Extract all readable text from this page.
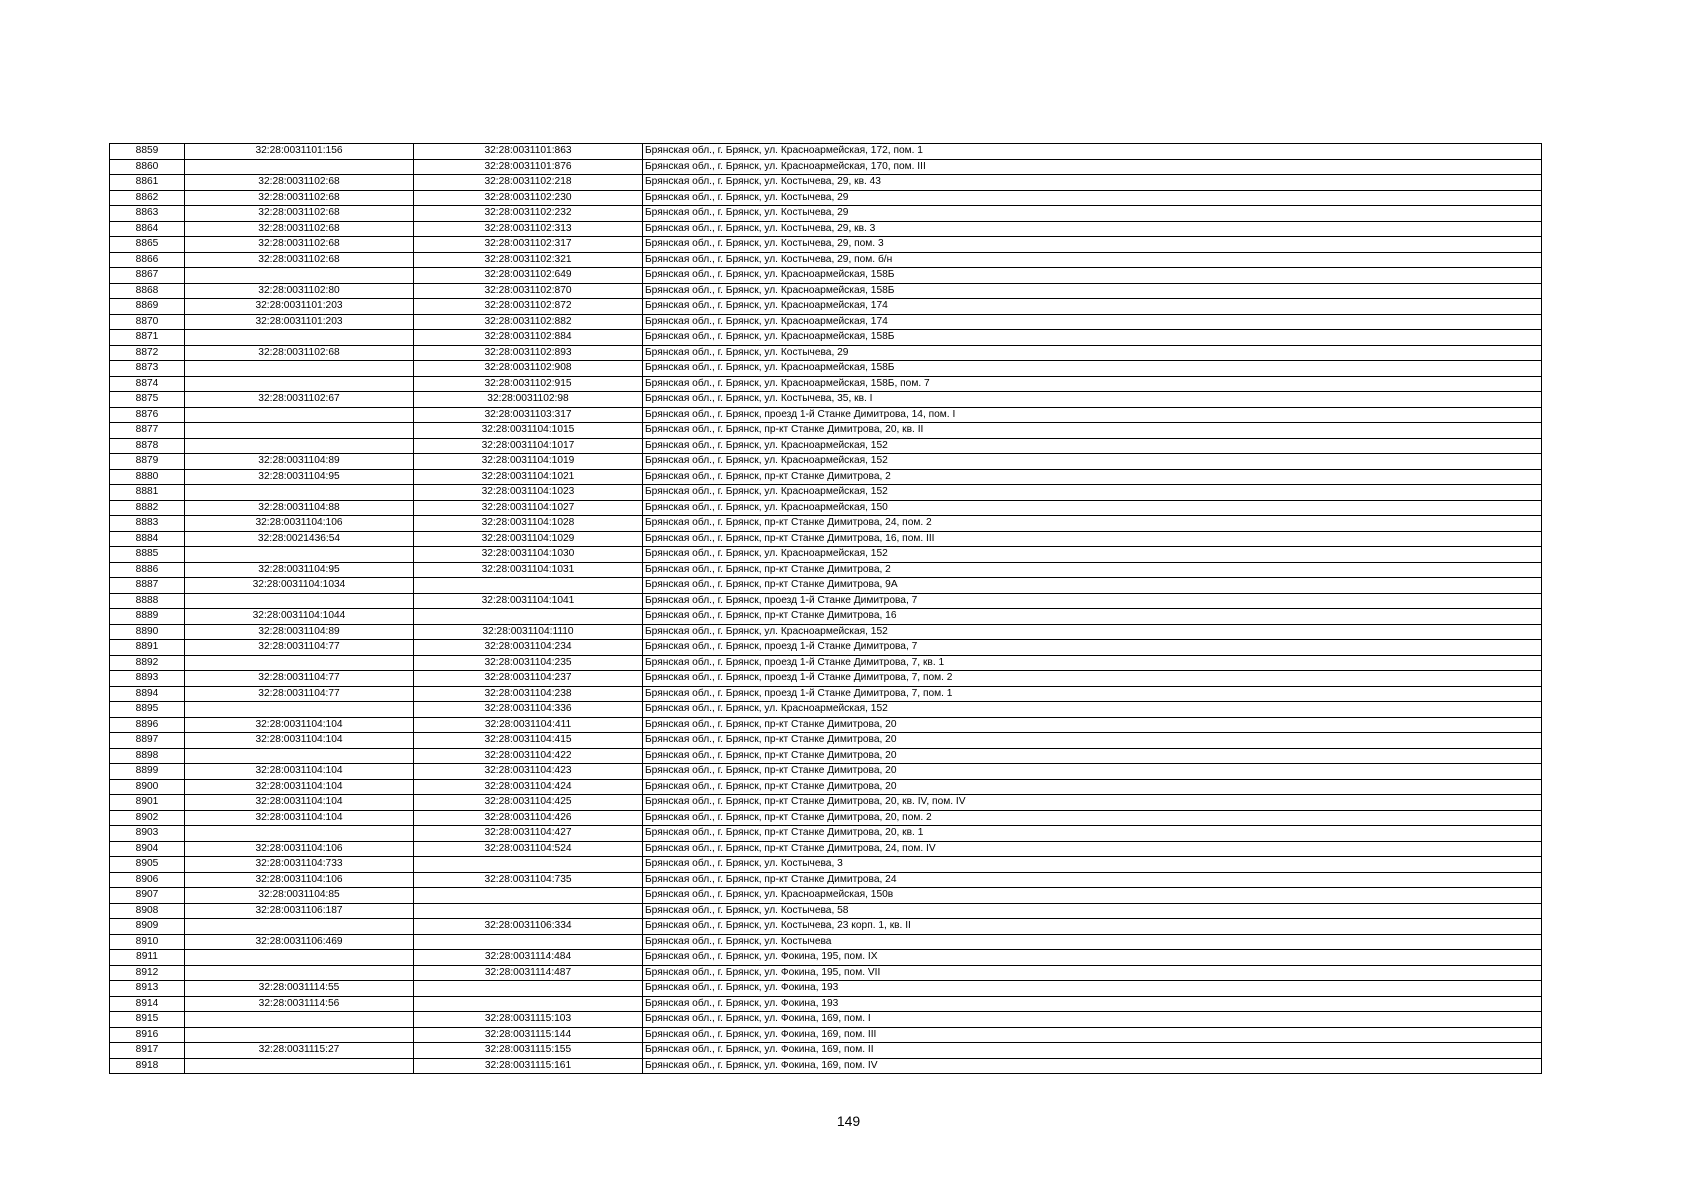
8859	32:28:0031101:156	32:28:0031101:863	Брянская обл., г. Брянск, ул. Красноармейская, 172, пом. 1
8860		32:28:0031101:876	Брянская обл., г. Брянск, ул. Красноармейская, 170, пом. III
8861	32:28:0031102:68	32:28:0031102:218	Брянская обл., г. Брянск, ул. Костычева, 29, кв. 43
8862	32:28:0031102:68	32:28:0031102:230	Брянская обл., г. Брянск, ул. Костычева, 29
8863	32:28:0031102:68	32:28:0031102:232	Брянская обл., г. Брянск, ул. Костычева, 29
8864	32:28:0031102:68	32:28:0031102:313	Брянская обл., г. Брянск, ул. Костычева, 29, кв. 3
8865	32:28:0031102:68	32:28:0031102:317	Брянская обл., г. Брянск, ул. Костычева, 29, пом. 3
8866	32:28:0031102:68	32:28:0031102:321	Брянская обл., г. Брянск, ул. Костычева, 29, пом. б/н
8867		32:28:0031102:649	Брянская обл., г. Брянск, ул. Красноармейская, 158Б
8868	32:28:0031102:80	32:28:0031102:870	Брянская обл., г. Брянск, ул. Красноармейская, 158Б
8869	32:28:0031101:203	32:28:0031102:872	Брянская обл., г. Брянск, ул. Красноармейская, 174
8870	32:28:0031101:203	32:28:0031102:882	Брянская обл., г. Брянск, ул. Красноармейская, 174
8871		32:28:0031102:884	Брянская обл., г. Брянск, ул. Красноармейская, 158Б
8872	32:28:0031102:68	32:28:0031102:893	Брянская обл., г. Брянск, ул. Костычева, 29
8873		32:28:0031102:908	Брянская обл., г. Брянск, ул. Красноармейская, 158Б
8874		32:28:0031102:915	Брянская обл., г. Брянск, ул. Красноармейская, 158Б, пом. 7
8875	32:28:0031102:67	32:28:0031102:98	Брянская обл., г. Брянск, ул. Костычева, 35, кв. I
8876		32:28:0031103:317	Брянская обл., г. Брянск, проезд 1-й Станке Димитрова, 14, пом. I
8877		32:28:0031104:1015	Брянская обл., г. Брянск, пр-кт Станке Димитрова, 20, кв. II
8878		32:28:0031104:1017	Брянская обл., г. Брянск, ул. Красноармейская, 152
8879	32:28:0031104:89	32:28:0031104:1019	Брянская обл., г. Брянск, ул. Красноармейская, 152
8880	32:28:0031104:95	32:28:0031104:1021	Брянская обл., г. Брянск, пр-кт Станке Димитрова, 2
8881		32:28:0031104:1023	Брянская обл., г. Брянск, ул. Красноармейская, 152
8882	32:28:0031104:88	32:28:0031104:1027	Брянская обл., г. Брянск, ул. Красноармейская, 150
8883	32:28:0031104:106	32:28:0031104:1028	Брянская обл., г. Брянск, пр-кт Станке Димитрова, 24, пом. 2
8884	32:28:0021436:54	32:28:0031104:1029	Брянская обл., г. Брянск, пр-кт Станке Димитрова, 16, пом. III
8885		32:28:0031104:1030	Брянская обл., г. Брянск, ул. Красноармейская, 152
8886	32:28:0031104:95	32:28:0031104:1031	Брянская обл., г. Брянск, пр-кт Станке Димитрова, 2
8887	32:28:0031104:1034		Брянская обл., г. Брянск, пр-кт Станке Димитрова, 9А
8888		32:28:0031104:1041	Брянская обл., г. Брянск, проезд 1-й Станке Димитрова, 7
8889	32:28:0031104:1044		Брянская обл., г. Брянск, пр-кт Станке Димитрова, 16
8890	32:28:0031104:89	32:28:0031104:1110	Брянская обл., г. Брянск, ул. Красноармейская, 152
8891	32:28:0031104:77	32:28:0031104:234	Брянская обл., г. Брянск, проезд 1-й Станке Димитрова, 7
8892		32:28:0031104:235	Брянская обл., г. Брянск, проезд 1-й Станке Димитрова, 7, кв. 1
8893	32:28:0031104:77	32:28:0031104:237	Брянская обл., г. Брянск, проезд 1-й Станке Димитрова, 7, пом. 2
8894	32:28:0031104:77	32:28:0031104:238	Брянская обл., г. Брянск, проезд 1-й Станке Димитрова, 7, пом. 1
8895		32:28:0031104:336	Брянская обл., г. Брянск, ул. Красноармейская, 152
8896	32:28:0031104:104	32:28:0031104:411	Брянская обл., г. Брянск, пр-кт Станке Димитрова, 20
8897	32:28:0031104:104	32:28:0031104:415	Брянская обл., г. Брянск, пр-кт Станке Димитрова, 20
8898		32:28:0031104:422	Брянская обл., г. Брянск, пр-кт Станке Димитрова, 20
8899	32:28:0031104:104	32:28:0031104:423	Брянская обл., г. Брянск, пр-кт Станке Димитрова, 20
8900	32:28:0031104:104	32:28:0031104:424	Брянская обл., г. Брянск, пр-кт Станке Димитрова, 20
8901	32:28:0031104:104	32:28:0031104:425	Брянская обл., г. Брянск, пр-кт Станке Димитрова, 20, кв. IV, пом. IV
8902	32:28:0031104:104	32:28:0031104:426	Брянская обл., г. Брянск, пр-кт Станке Димитрова, 20, пом. 2
8903		32:28:0031104:427	Брянская обл., г. Брянск, пр-кт Станке Димитрова, 20, кв. 1
8904	32:28:0031104:106	32:28:0031104:524	Брянская обл., г. Брянск, пр-кт Станке Димитрова, 24, пом. IV
8905	32:28:0031104:733		Брянская обл., г. Брянск, ул. Костычева, 3
8906	32:28:0031104:106	32:28:0031104:735	Брянская обл., г. Брянск, пр-кт Станке Димитрова, 24
8907	32:28:0031104:85		Брянская обл., г. Брянск, ул. Красноармейская, 150в
8908	32:28:0031106:187		Брянская обл., г. Брянск, ул. Костычева, 58
8909		32:28:0031106:334	Брянская обл., г. Брянск, ул. Костычева, 23 корп. 1, кв. II
8910	32:28:0031106:469		Брянская обл., г. Брянск, ул. Костычева
8911		32:28:0031114:484	Брянская обл., г. Брянск, ул. Фокина, 195, пом. IX
8912		32:28:0031114:487	Брянская обл., г. Брянск, ул. Фокина, 195, пом. VII
8913	32:28:0031114:55		Брянская обл., г. Брянск, ул. Фокина, 193
8914	32:28:0031114:56		Брянская обл., г. Брянск, ул. Фокина, 193
8915		32:28:0031115:103	Брянская обл., г. Брянск, ул. Фокина, 169, пом. I
8916		32:28:0031115:144	Брянская обл., г. Брянск, ул. Фокина, 169, пом. III
8917	32:28:0031115:27	32:28:0031115:155	Брянская обл., г. Брянск, ул. Фокина, 169, пом. II
8918		32:28:0031115:161	Брянская обл., г. Брянск, ул. Фокина, 169, пом. IV
149
